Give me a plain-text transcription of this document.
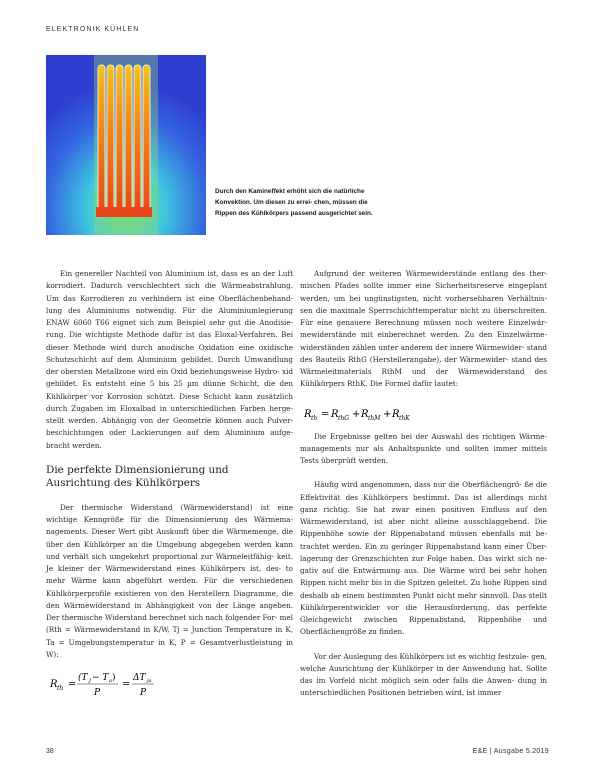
ELEKTRONIK KÜHLEN
Durch den Kamineffekt erhöht sich die natürliche Konvektion. Um diesen zu errei- chen, müssen die Rippen des Kühlkörpers passend ausgerichtet sein.

Ein genereller Nachteil von Aluminium ist, dass es an der Luft korrodiert. Dadurch verschlechtert sich die Wärmeabstrahlung. Um das Korrodieren zu verhindern ist eine Oberflächenbehand- lung des Aluminiums notwendig. Für die Aluminiumlegierung ENAW 6060 T66 eignet sich zum Beispiel sehr gut die Anodisie- rung. Die wichtigste Methode dafür ist das Eloxal-Verfahren. Bei dieser Methode wird durch anodische Oxidation eine oxidische Schutzschicht auf dem Aluminium gebildet. Durch Umwandlung der obersten Metallzone wird ein Oxid beziehungsweise Hydro- xid gebildet. Es entsteht eine 5 bis 25 µm dünne Schicht, die den Kühlkörper vor Korrosion schützt. Diese Schicht kann zusätzlich durch Zugaben im Eloxalbad in unterschiedlichen Farben herge- stellt werden. Abhängig von der Geometrie können auch Pulver- beschichtungen oder Lackierungen auf dem Aluminium aufge- bracht werden.

Die perfekte Dimensionierung und Ausrichtung des Kühlkörpers

Der thermische Widerstand (Wärmewiderstand) ist eine wichtige Kenngröße für die Dimensionierung des Wärmema- nagements. Dieser Wert gibt Auskunft über die Wärmemenge, die über den Kühlkörper an die Umgebung abgegeben werden kann und verhält sich umgekehrt proportional zur Wärmeleitfähig- keit. Je kleiner der Wärmewiderstand eines Kühlkörpers ist, des- to mehr Wärme kann abgeführt werden. Für die verschiedenen Kühlkörperprofile existieren von den Herstellern Diagramme, die den Wärmewiderstand in Abhängigkeit von der Länge angeben. Der thermische Widerstand berechnet sich nach folgender For- mel (Rth = Wärmewiderstand in K/W, Tj = Junction Temperature in K, Ta = Umgebungstemperatur in K, P = Gesamtverlustleistung in W):

R th =
(T J − T a )
P
=
ΔT ja
P

Aufgrund der weiteren Wärmewiderstände entlang des ther- mischen Pfades sollte immer eine Sicherheitsreserve eingeplant werden, um bei ungünstigsten, nicht vorhersehbaren Verhältnis- sen die maximale Sperrschichttemperatur nicht zu überschreiten. Für eine genauere Berechnung müssen noch weitere Einzelwär- mewiderstände mit einberechnet werden. Zu den Einzelwärme- widerständen zählen unter anderem der innere Wärmewider- stand des Bauteils RthG (Herstellerangabe), der Wärmewider- stand des Wärmeleitmaterials RthM und der Wärmewiderstand des Kühlkörpers RthK. Die Formel dafür lautet:

R th = R thG + R thM + R thK

Die Ergebnisse gelten bei der Auswahl des richtigen Wärme- managements nur als Anhaltspunkte und sollten immer mittels Tests überprüft werden.

Häufig wird angenommen, dass nur die Oberflächengrö- ße die Effektivität des Kühlkörpers bestimmt. Das ist allerdings nicht ganz richtig. Sie hat zwar einen positiven Einfluss auf den Wärmewiderstand, ist aber nicht alleine ausschlaggebend. Die Rippenhöhe sowie der Rippenabstand müssen ebenfalls mit be- trachtet werden. Ein zu geringer Rippenabstand kann einer Über- lagerung der Grenzschichten zur Folge haben. Das wirkt sich ne- gativ auf die Entwärmung aus. Die Wärme wird bei sehr hohen Rippen nicht mehr bis in die Spitzen geleitet. Zu hohe Rippen sind deshalb ab einem bestimmten Punkt nicht mehr sinnvoll. Das stellt Kühlkörperentwickler vor die Herausforderung, das perfekte Gleichgewicht zwischen Rippenabstand, Rippenhöhe und Oberflächengröße zu finden.

Vor der Auslegung des Kühlkörpers ist es wichtig festzule- gen, welche Ausrichtung der Kühlkörper in der Anwendung hat. Sollte das im Vorfeld nicht möglich sein oder falls die Anwen- dung in unterschiedlichen Positionen betrieben wird, ist immer

38	E&E | Ausgabe 5.2019
